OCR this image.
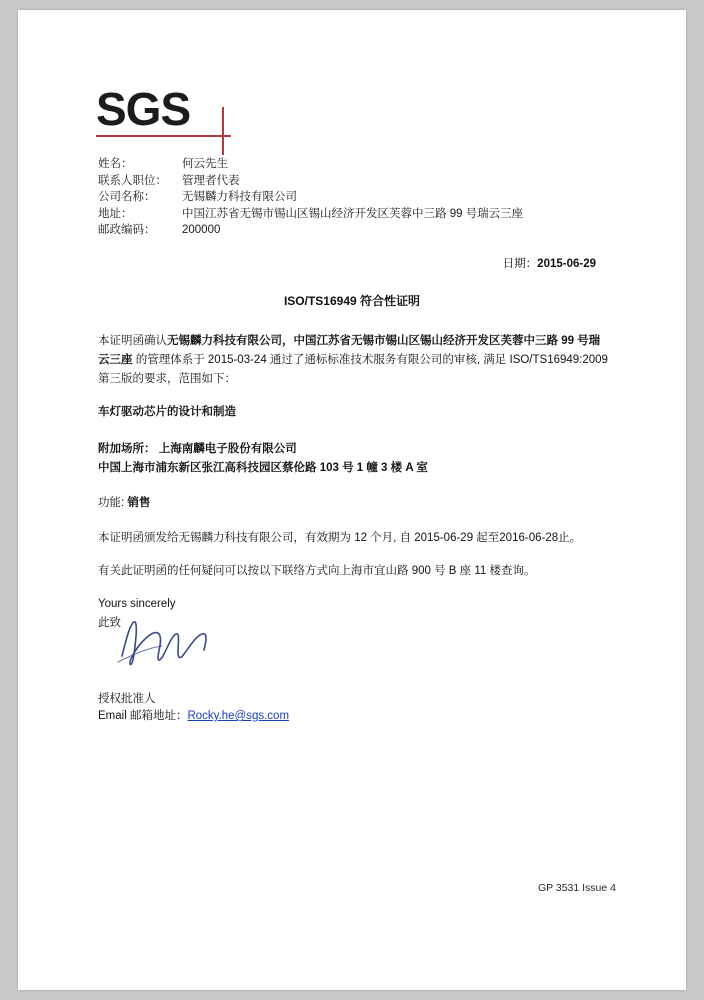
SGS
姓名：	何云先生
联系人职位：	管理者代表
公司名称：	无锡麟力科技有限公司
地址：	中国江苏省无锡市锡山区锡山经济开发区芙蓉中三路 99 号瑞云三座
邮政编码：	200000
日期：2015-06-29
ISO/TS16949 符合性证明

本证明函确认无锡麟力科技有限公司，中国江苏省无锡市锡山区锡山经济开发区芙蓉中三路 99 号瑞云三座 的管理体系于 2015-03-24 通过了通标标准技术服务有限公司的审核, 满足 ISO/TS16949:2009 第三版的要求，范围如下：

车灯驱动芯片的设计和制造

附加场所： 上海南麟电子股份有限公司

中国上海市浦东新区张江高科技园区蔡伦路 103 号 1 幢 3 楼 A 室

功能: 销售

本证明函颁发给无锡麟力科技有限公司，有效期为 12 个月, 自 2015-06-29 起至2016-06-28止。

有关此证明函的任何疑问可以按以下联络方式向上海市宜山路 900 号 B 座 11 楼查询。

Yours sincerely

此致

授权批准人
Email 邮箱地址：Rocky.he@sgs.com
GP 3531 Issue 4
